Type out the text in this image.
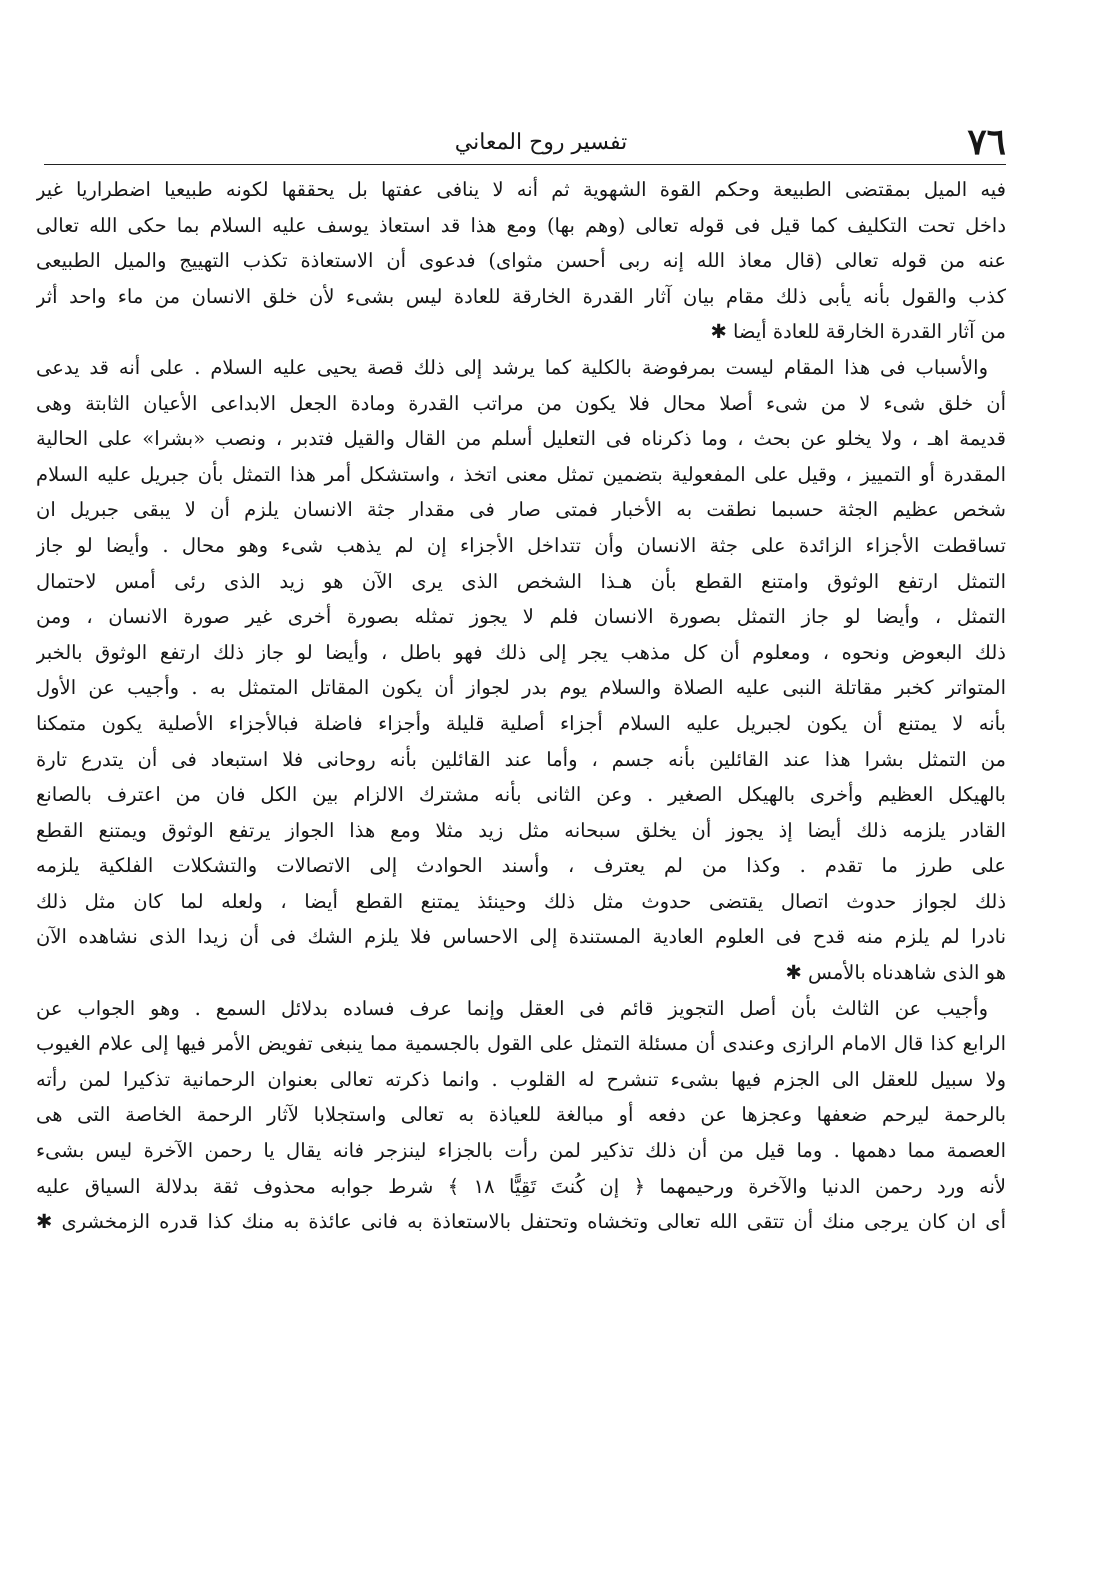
٧٦
تفسير روح المعاني
فيه الميل بمقتضى الطبيعة وحكم القوة الشهوية ثم أنه لا ينافى عفتها بل يحققها لكونه طبيعيا اضطراريا غير
داخل تحت التكليف كما قيل فى قوله تعالى (وهم بها) ومع هذا قد استعاذ يوسف عليه السلام بما حكى الله تعالى
عنه من قوله تعالى (قال معاذ الله إنه ربى أحسن مثواى) فدعوى أن الاستعاذة تكذب التهييج والميل الطبيعى
كذب والقول بأنه يأبى ذلك مقام بيان آثار القدرة الخارقة للعادة ليس بشىء لأن خلق الانسان من ماء واحد أثر
من آثار القدرة الخارقة للعادة أيضا ✱
والأسباب فى هذا المقام ليست بمرفوضة بالكلية كما يرشد إلى ذلك قصة يحيى عليه السلام . على أنه قد يدعى
أن خلق شىء لا من شىء أصلا محال فلا يكون من مراتب القدرة ومادة الجعل الابداعى الأعيان الثابتة وهى
قديمة اهـ ، ولا يخلو عن بحث ، وما ذكرناه فى التعليل أسلم من القال والقيل فتدبر ، ونصب «بشرا» على الحالية
المقدرة أو التمييز ، وقيل على المفعولية بتضمين تمثل معنى اتخذ ، واستشكل أمر هذا التمثل بأن جبريل عليه السلام
شخص عظيم الجثة حسبما نطقت به الأخبار فمتى صار فى مقدار جثة الانسان يلزم أن لا يبقى جبريل ان
تساقطت الأجزاء الزائدة على جثة الانسان وأن تتداخل الأجزاء إن لم يذهب شىء وهو محال . وأيضا لو جاز
التمثل ارتفع الوثوق وامتنع القطع بأن هـذا الشخص الذى يرى الآن هو زيد الذى رئى أمس لاحتمال
التمثل ، وأيضا لو جاز التمثل بصورة الانسان فلم لا يجوز تمثله بصورة أخرى غير صورة الانسان ، ومن
ذلك البعوض ونحوه ، ومعلوم أن كل مذهب يجر إلى ذلك فهو باطل ، وأيضا لو جاز ذلك ارتفع الوثوق بالخبر
المتواتر كخبر مقاتلة النبى عليه الصلاة والسلام يوم بدر لجواز أن يكون المقاتل المتمثل به . وأجيب عن الأول
بأنه لا يمتنع أن يكون لجبريل عليه السلام أجزاء أصلية قليلة وأجزاء فاضلة فبالأجزاء الأصلية يكون متمكنا
من التمثل بشرا هذا عند القائلين بأنه جسم ، وأما عند القائلين بأنه روحانى فلا استبعاد فى أن يتدرع تارة
بالهيكل العظيم وأخرى بالهيكل الصغير . وعن الثانى بأنه مشترك الالزام بين الكل فان من اعترف بالصانع
القادر يلزمه ذلك أيضا إذ يجوز أن يخلق سبحانه مثل زيد مثلا ومع هذا الجواز يرتفع الوثوق ويمتنع القطع
على طرز ما تقدم . وكذا من لم يعترف ، وأسند الحوادث إلى الاتصالات والتشكلات الفلكية يلزمه
ذلك لجواز حدوث اتصال يقتضى حدوث مثل ذلك وحينئذ يمتنع القطع أيضا ، ولعله لما كان مثل ذلك
نادرا لم يلزم منه قدح فى العلوم العادية المستندة إلى الاحساس فلا يلزم الشك فى أن زيدا الذى نشاهده الآن
هو الذى شاهدناه بالأمس ✱
وأجيب عن الثالث بأن أصل التجويز قائم فى العقل وإنما عرف فساده بدلائل السمع . وهو الجواب عن
الرابع كذا قال الامام الرازى وعندى أن مسئلة التمثل على القول بالجسمية مما ينبغى تفويض الأمر فيها إلى علام الغيوب
ولا سبيل للعقل الى الجزم فيها بشىء تنشرح له القلوب . وانما ذكرته تعالى بعنوان الرحمانية تذكيرا لمن رأته
بالرحمة ليرحم ضعفها وعجزها عن دفعه أو مبالغة للعياذة به تعالى واستجلابا لآثار الرحمة الخاصة التى هى
العصمة مما دهمها . وما قيل من أن ذلك تذكير لمن رأت بالجزاء لينزجر فانه يقال يا رحمن الآخرة ليس بشىء
لأنه ورد رحمن الدنيا والآخرة ورحيمهما ﴿ إن كُنتَ تَقِيًّا ١٨ ﴾ شرط جوابه محذوف ثقة بدلالة السياق عليه
أى ان كان يرجى منك أن تتقى الله تعالى وتخشاه وتحتفل بالاستعاذة به فانى عائذة به منك كذا قدره الزمخشرى ✱
